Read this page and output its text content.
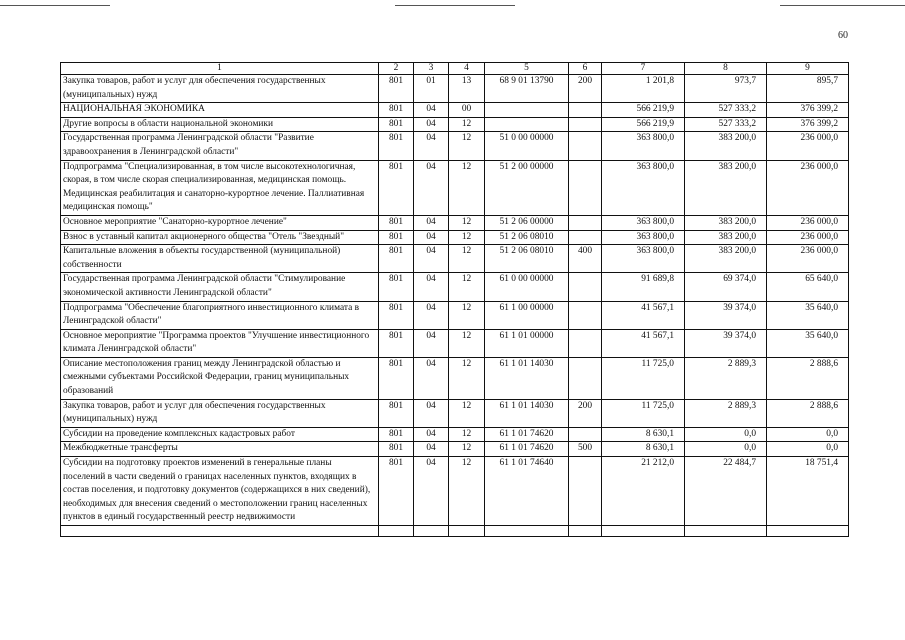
60
1	2	3	4	5	6	7	8	9
Закупка товаров, работ и услуг для обеспечения государственных (муниципальных) нужд	801	01	13	68 9 01 13790	200	1 201,8	973,7	895,7
НАЦИОНАЛЬНАЯ ЭКОНОМИКА	801	04	00			566 219,9	527 333,2	376 399,2
Другие вопросы в области национальной экономики	801	04	12			566 219,9	527 333,2	376 399,2
Государственная программа Ленинградской области "Развитие здравоохранения в Ленинградской области"	801	04	12	51 0 00 00000		363 800,0	383 200,0	236 000,0
Подпрограмма "Специализированная, в том числе высокотехнологичная, скорая, в том числе скорая специализированная, медицинская помощь. Медицинская реабилитация и санаторно-курортное лечение. Паллиативная медицинская помощь"	801	04	12	51 2 00 00000		363 800,0	383 200,0	236 000,0
Основное мероприятие "Санаторно-курортное лечение"	801	04	12	51 2 06 00000		363 800,0	383 200,0	236 000,0
Взнос в уставный капитал акционерного общества "Отель "Звездный"	801	04	12	51 2 06 08010		363 800,0	383 200,0	236 000,0
Капитальные вложения в объекты государственной (муниципальной) собственности	801	04	12	51 2 06 08010	400	363 800,0	383 200,0	236 000,0
Государственная программа Ленинградской области "Стимулирование экономической активности Ленинградской области"	801	04	12	61 0 00 00000		91 689,8	69 374,0	65 640,0
Подпрограмма "Обеспечение благоприятного инвестиционного климата в Ленинградской области"	801	04	12	61 1 00 00000		41 567,1	39 374,0	35 640,0
Основное мероприятие "Программа проектов "Улучшение инвестиционного климата Ленинградской области"	801	04	12	61 1 01 00000		41 567,1	39 374,0	35 640,0
Описание местоположения границ между Ленинградской областью и смежными субъектами Российской Федерации, границ муниципальных образований	801	04	12	61 1 01 14030		11 725,0	2 889,3	2 888,6
Закупка товаров, работ и услуг для обеспечения государственных (муниципальных) нужд	801	04	12	61 1 01 14030	200	11 725,0	2 889,3	2 888,6
Субсидии на проведение комплексных кадастровых работ	801	04	12	61 1 01 74620		8 630,1	0,0	0,0
Межбюджетные трансферты	801	04	12	61 1 01 74620	500	8 630,1	0,0	0,0
Субсидии на подготовку проектов изменений в генеральные планы поселений в части сведений о границах населенных пунктов, входящих в состав поселения, и подготовку документов (содержащихся в них сведений), необходимых для внесения сведений о местоположении границ населенных пунктов в единый государственный реестр недвижимости	801	04	12	61 1 01 74640		21 212,0	22 484,7	18 751,4
